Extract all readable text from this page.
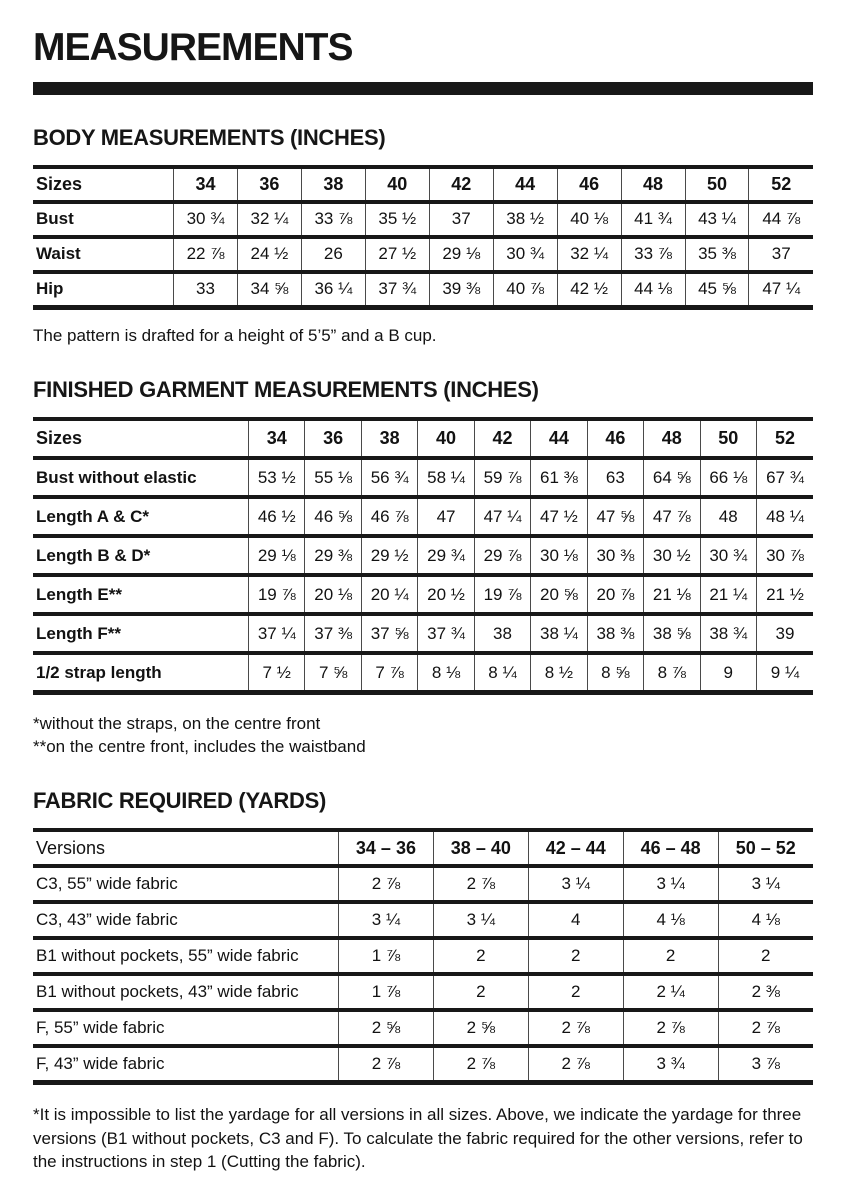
MEASUREMENTS
BODY MEASUREMENTS (INCHES)
Sizes	34	36	38	40	42	44	46	48	50	52
Bust	30 ¾	32 ¼	33 ⅞	35 ½	37	38 ½	40 ⅛	41 ¾	43 ¼	44 ⅞
Waist	22 ⅞	24 ½	26	27 ½	29 ⅛	30 ¾	32 ¼	33 ⅞	35 ⅜	37
Hip	33	34 ⅝	36 ¼	37 ¾	39 ⅜	40 ⅞	42 ½	44 ⅛	45 ⅝	47 ¼

The pattern is drafted for a height of 5’5” and a B cup.

FINISHED GARMENT MEASUREMENTS (INCHES)
Sizes	34	36	38	40	42	44	46	48	50	52
Bust without elastic	53 ½	55 ⅛	56 ¾	58 ¼	59 ⅞	61 ⅜	63	64 ⅝	66 ⅛	67 ¾
Length A & C*	46 ½	46 ⅝	46 ⅞	47	47 ¼	47 ½	47 ⅝	47 ⅞	48	48 ¼
Length B & D*	29 ⅛	29 ⅜	29 ½	29 ¾	29 ⅞	30 ⅛	30 ⅜	30 ½	30 ¾	30 ⅞
Length E**	19 ⅞	20 ⅛	20 ¼	20 ½	19 ⅞	20 ⅝	20 ⅞	21 ⅛	21 ¼	21 ½
Length F**	37 ¼	37 ⅜	37 ⅝	37 ¾	38	38 ¼	38 ⅜	38 ⅝	38 ¾	39
1/2 strap length	7 ½	7 ⅝	7 ⅞	8 ⅛	8 ¼	8 ½	8 ⅝	8 ⅞	9	9 ¼

*without the straps, on the centre front

**on the centre front, includes the waistband

FABRIC REQUIRED (YARDS)
Versions	34 – 36	38 – 40	42 – 44	46 – 48	50 – 52
C3, 55” wide fabric	2 ⅞	2 ⅞	3 ¼	3 ¼	3 ¼
C3, 43” wide fabric	3 ¼	3 ¼	4	4 ⅛	4 ⅛
B1 without pockets, 55” wide fabric	1 ⅞	2	2	2	2
B1 without pockets, 43” wide fabric	1 ⅞	2	2	2 ¼	2 ⅜
F, 55” wide fabric	2 ⅝	2 ⅝	2 ⅞	2 ⅞	2 ⅞
F, 43” wide fabric	2 ⅞	2 ⅞	2 ⅞	3 ¾	3 ⅞

*It is impossible to list the yardage for all versions in all sizes. Above, we indicate the yardage for three versions (B1 without pockets, C3 and F). To calculate the fabric required for the other versions, refer to the instructions in step 1 (Cutting the fabric).
